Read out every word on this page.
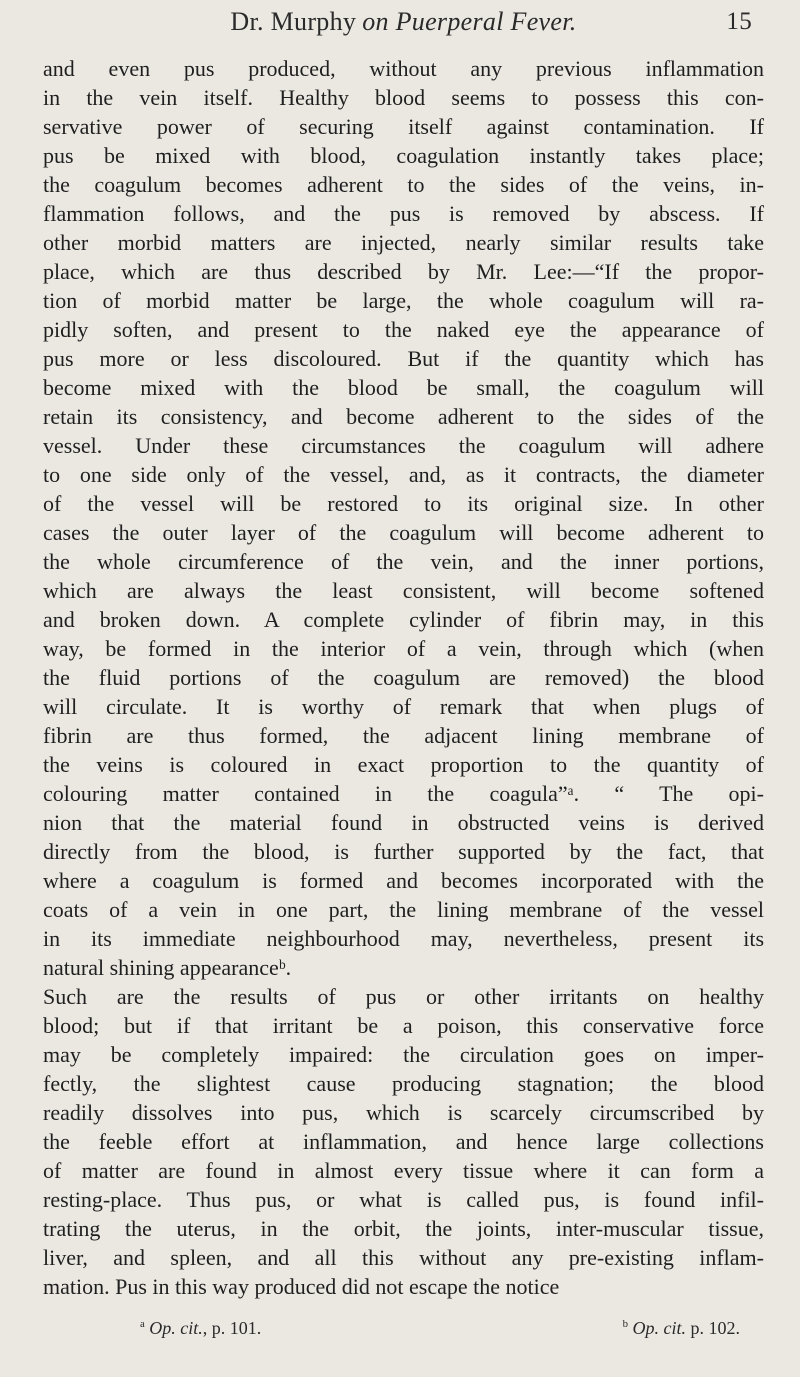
Dr. Murphy on Puerperal Fever.	15
and even pus produced, without any previous inflammation
in the vein itself. Healthy blood seems to possess this con-
servative power of securing itself against contamination. If
pus be mixed with blood, coagulation instantly takes place;
the coagulum becomes adherent to the sides of the veins, in-
flammation follows, and the pus is removed by abscess. If
other morbid matters are injected, nearly similar results take
place, which are thus described by Mr. Lee:—“If the propor-
tion of morbid matter be large, the whole coagulum will ra-
pidly soften, and present to the naked eye the appearance of
pus more or less discoloured. But if the quantity which has
become mixed with the blood be small, the coagulum will
retain its consistency, and become adherent to the sides of the
vessel. Under these circumstances the coagulum will adhere
to one side only of the vessel, and, as it contracts, the diameter
of the vessel will be restored to its original size. In other
cases the outer layer of the coagulum will become adherent to
the whole circumference of the vein, and the inner portions,
which are always the least consistent, will become softened
and broken down. A complete cylinder of fibrin may, in this
way, be formed in the interior of a vein, through which (when
the fluid portions of the coagulum are removed) the blood
will circulate. It is worthy of remark that when plugs of
fibrin are thus formed, the adjacent lining membrane of
the veins is coloured in exact proportion to the quantity of
colouring matter contained in the coagula”ᵃ. “ The opi-
nion that the material found in obstructed veins is derived
directly from the blood, is further supported by the fact, that
where a coagulum is formed and becomes incorporated with the
coats of a vein in one part, the lining membrane of the vessel
in its immediate neighbourhood may, nevertheless, present its
natural shining appearanceᵇ.
Such are the results of pus or other irritants on healthy
blood; but if that irritant be a poison, this conservative force
may be completely impaired: the circulation goes on imper-
fectly, the slightest cause producing stagnation; the blood
readily dissolves into pus, which is scarcely circumscribed by
the feeble effort at inflammation, and hence large collections
of matter are found in almost every tissue where it can form a
resting-place. Thus pus, or what is called pus, is found infil-
trating the uterus, in the orbit, the joints, inter-muscular tissue,
liver, and spleen, and all this without any pre-existing inflam-
mation. Pus in this way produced did not escape the notice
$^a$ Op. cit., p. 101.	$^b$ Op. cit. p. 102.
